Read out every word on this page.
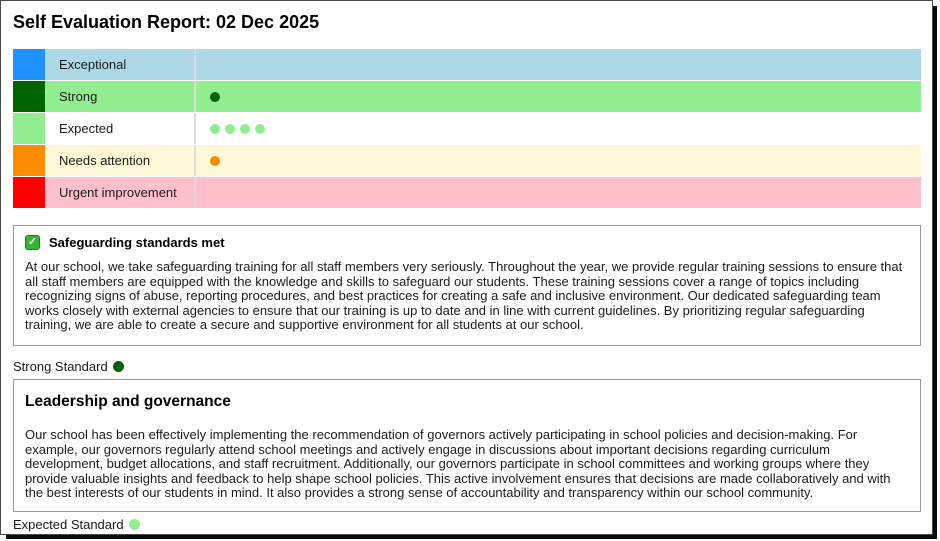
Self Evaluation Report: 02 Dec 2025
Exceptional
Strong
Expected
Needs attention
Urgent improvement
✓ Safeguarding standards met

At our school, we take safeguarding training for all staff members very seriously. Throughout the year, we provide regular training sessions to ensure that all staff members are equipped with the knowledge and skills to safeguard our students. These training sessions cover a range of topics including recognizing signs of abuse, reporting procedures, and best practices for creating a safe and inclusive environment. Our dedicated safeguarding team works closely with external agencies to ensure that our training is up to date and in line with current guidelines. By prioritizing regular safeguarding training, we are able to create a secure and supportive environment for all students at our school.

Strong Standard
Leadership and governance

Our school has been effectively implementing the recommendation of governors actively participating in school policies and decision-making. For example, our governors regularly attend school meetings and actively engage in discussions about important decisions regarding curriculum development, budget allocations, and staff recruitment. Additionally, our governors participate in school committees and working groups where they provide valuable insights and feedback to help shape school policies. This active involvement ensures that decisions are made collaboratively and with the best interests of our students in mind. It also provides a strong sense of accountability and transparency within our school community.

Expected Standard
